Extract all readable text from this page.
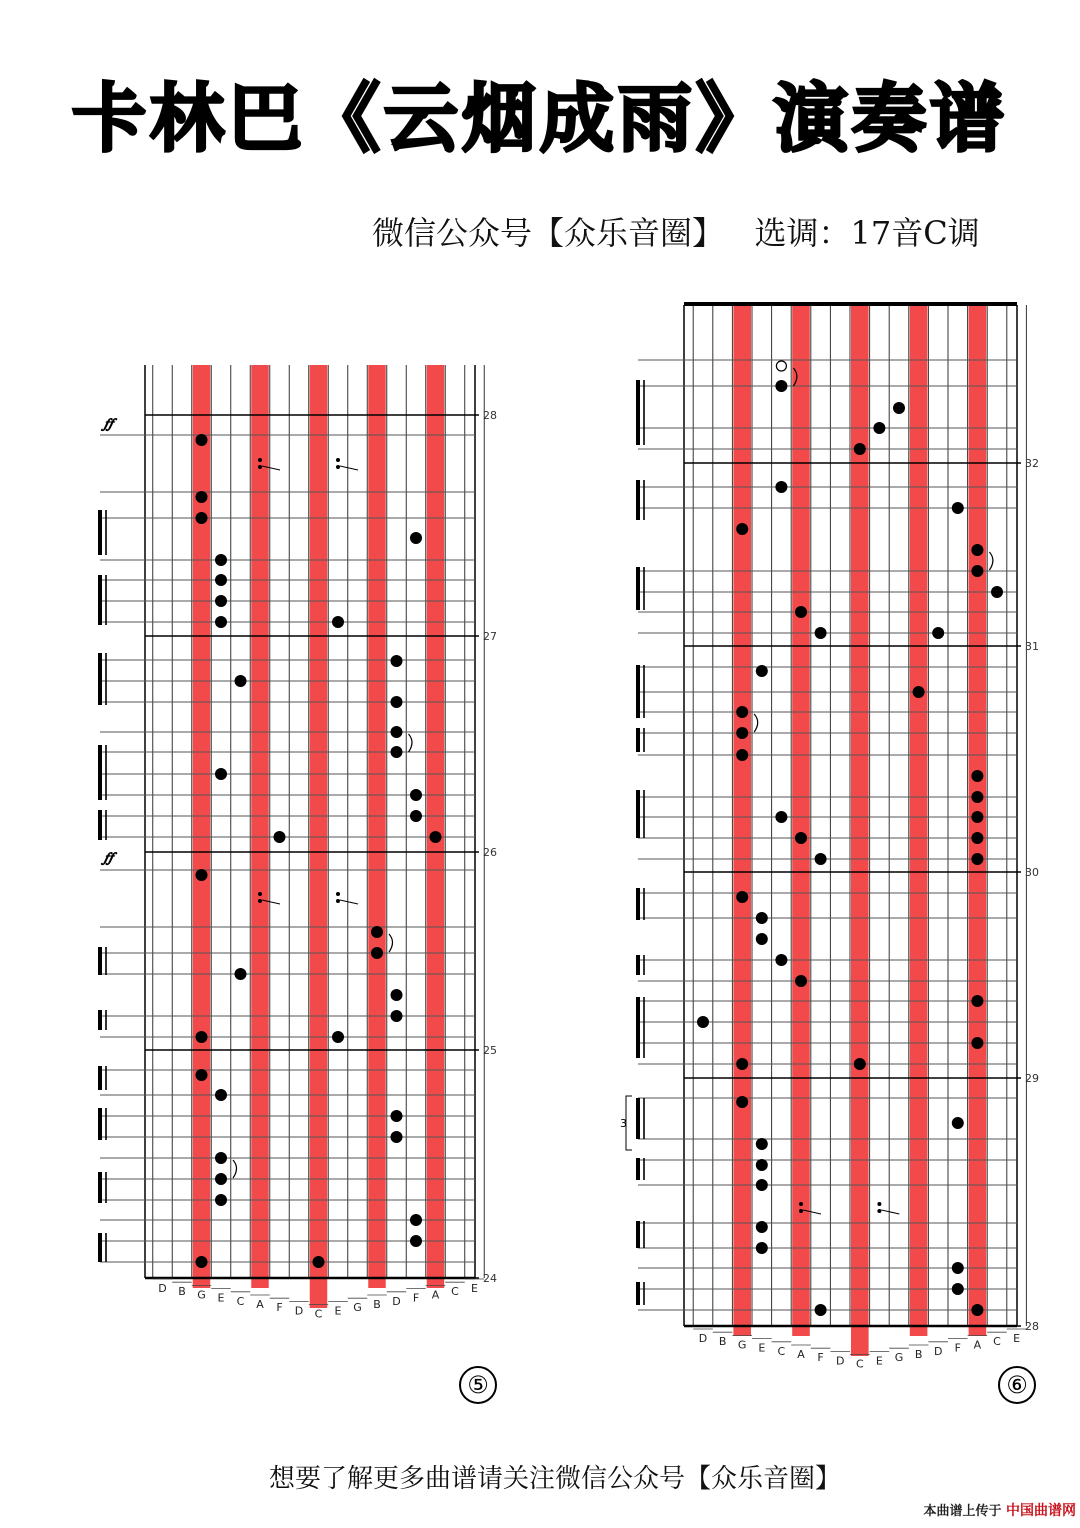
卡林巴《云烟成雨》演奏谱
微信公众号【众乐音圈】   选调：17音C调
24
25
26
27
28
𝆑𝆑
𝆑𝆑
D B G E C A F D C E G B D F A C E
28
29
30
31
32
3
D B G E C A F D C E G B D F A C E
⑤	⑥
想要了解更多曲谱请关注微信公众号【众乐音圈】
本曲谱上传于 中国曲谱网
